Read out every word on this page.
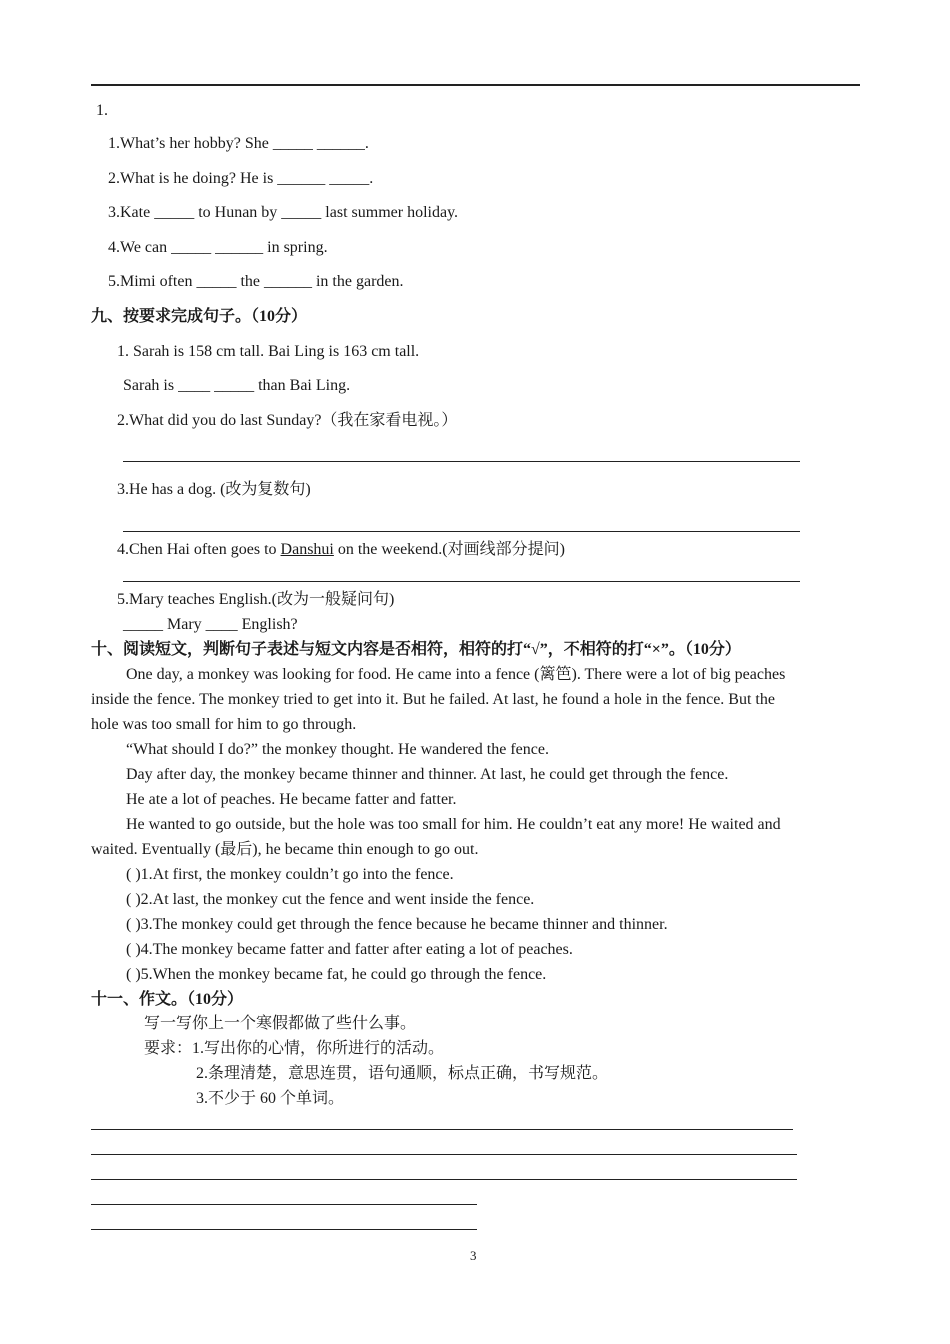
1.
1.What’s her hobby? She _____ ______.
2.What is he doing? He is ______ _____.
3.Kate _____ to Hunan by _____ last summer holiday.
4.We can _____ ______ in spring.
5.Mimi often _____ the ______ in the garden.
九、按要求完成句子。（10分）
1. Sarah is 158 cm tall. Bai Ling is 163 cm tall.
Sarah is ____ _____ than Bai Ling.
2.What did you do last Sunday?（我在家看电视。）
3.He has a dog. (改为复数句)
4.Chen Hai often goes to Danshui on the weekend.(对画线部分提问)
5.Mary teaches English.(改为一般疑问句)
_____ Mary ____ English?
十、阅读短文，判断句子表述与短文内容是否相符，相符的打“√”，不相符的打“×”。（10分）
One day, a monkey was looking for food. He came into a fence (篱笆). There were a lot of big peaches
inside the fence. The monkey tried to get into it. But he failed. At last, he found a hole in the fence. But the
hole was too small for him to go through.
“What should I do?” the monkey thought. He wandered the fence.
Day after day, the monkey became thinner and thinner. At last, he could get through the fence.
He ate a lot of peaches. He became fatter and fatter.
He wanted to go outside, but the hole was too small for him. He couldn’t eat any more! He waited and
waited. Eventually (最后), he became thin enough to go out.
( )1.At first, the monkey couldn’t go into the fence.
( )2.At last, the monkey cut the fence and went inside the fence.
( )3.The monkey could get through the fence because he became thinner and thinner.
( )4.The monkey became fatter and fatter after eating a lot of peaches.
( )5.When the monkey became fat, he could go through the fence.
十一、作文。（10分）
写一写你上一个寒假都做了些什么事。
要求：1.写出你的心情，你所进行的活动。
2.条理清楚，意思连贯，语句通顺，标点正确，书写规范。
3.不少于 60 个单词。
3
